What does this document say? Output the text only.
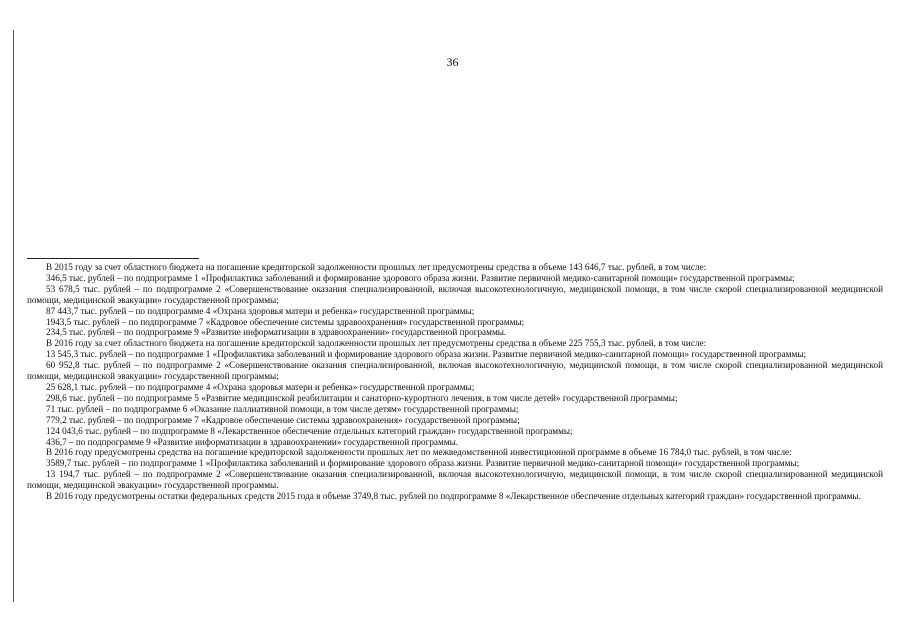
36

В 2015 году за счет областного бюджета на погашение кредиторской задолженности прошлых лет предусмотрены средства в объеме 143 646,7 тыс. рублей, в том числе:

346,5 тыс. рублей – по подпрограмме 1 «Профилактика заболеваний и формирование здорового образа жизни. Развитие первичной медико-санитарной помощи» государственной программы;

53 678,5 тыс. рублей – по подпрограмме 2 «Совершенствование оказания специализированной, включая высокотехнологичную, медицинской помощи, в том числе скорой специализированной медицинской помощи, медицинской эвакуации» государственной программы;

87 443,7 тыс. рублей – по подпрограмме 4 «Охрана здоровья матери и ребенка» государственной программы;

1943,5 тыс. рублей – по подпрограмме 7 «Кадровое обеспечение системы здравоохранения» государственной программы;

234,5 тыс. рублей – по подпрограмме 9 «Развитие информатизации в здравоохранении» государственной программы.

В 2016 году за счет областного бюджета на погашение кредиторской задолженности прошлых лет предусмотрены средства в объеме 225 755,3 тыс. рублей, в том числе:

13 545,3 тыс. рублей – по подпрограмме 1 «Профилактика заболеваний и формирование здорового образа жизни. Развитие первичной медико-санитарной помощи» государственной программы;

60 952,8 тыс. рублей – по подпрограмме 2 «Совершенствование оказания специализированной, включая высокотехнологичную, медицинской помощи, в том числе скорой специализированной медицинской помощи, медицинской эвакуации» государственной программы;

25 628,1 тыс. рублей – по подпрограмме 4 «Охрана здоровья матери и ребенка» государственной программы;

298,6 тыс. рублей – по подпрограмме 5 «Развитие медицинской реабилитации и санаторно-курортного лечения, в том числе детей» государственной программы;

71 тыс. рублей – по подпрограмме 6 «Оказание паллиативной помощи, в том числе детям» государственной программы;

779,2 тыс. рублей – по подпрограмме 7 «Кадровое обеспечение системы здравоохранения» государственной программы;

124 043,6 тыс. рублей – по подпрограмме 8 «Лекарственное обеспечение отдельных категорий граждан» государственной программы;

436,7 – по подпрограмме 9 «Развитие информатизации в здравоохранении» государственной программы.

В 2016 году предусмотрены средства на погашение кредиторской задолженности прошлых лет по межведомственной инвестиционной программе в объеме 16 784,0 тыс. рублей, в том числе:

3589,7 тыс. рублей – по подпрограмме 1 «Профилактика заболеваний и формирование здорового образа жизни. Развитие первичной медико-санитарной помощи» государственной программы;

13 194,7 тыс. рублей – по подпрограмме 2 «Совершенствование оказания специализированной, включая высокотехнологичную, медицинской помощи, в том числе скорой специализированной медицинской помощи, медицинской эвакуации» государственной программы.

В 2016 году предусмотрены остатки федеральных средств 2015 года в объеме 3749,8 тыс. рублей по подпрограмме 8 «Лекарственное обеспечение отдельных категорий граждан» государственной программы.
